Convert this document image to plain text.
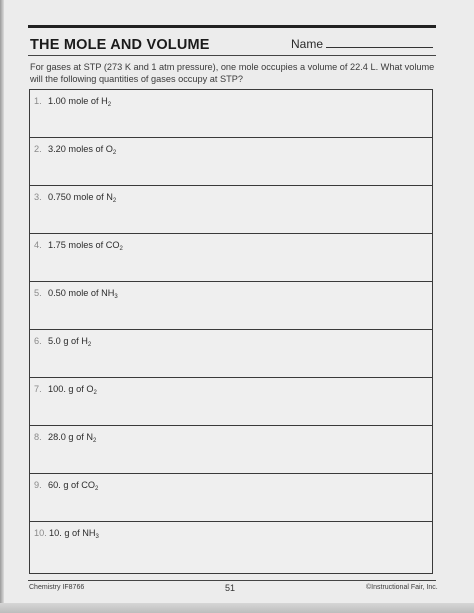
THE MOLE AND VOLUME	Name
For gases at STP (273 K and 1 atm pressure), one mole occupies a volume of 22.4 L. What volume will the following quantities of gases occupy at STP?
1. 1.00 mole of $H_2$
2. 3.20 moles of $O_2$
3. 0.750 mole of $N_2$
4. 1.75 moles of $CO_2$
5. 0.50 mole of $NH_3$
6. 5.0 g of $H_2$
7. 100. g of $O_2$
8. 28.0 g of $N_2$
9. 60. g of $CO_2$
10. 10. g of $NH_3$
Chemistry IF8766	51	©Instructional Fair, Inc.
